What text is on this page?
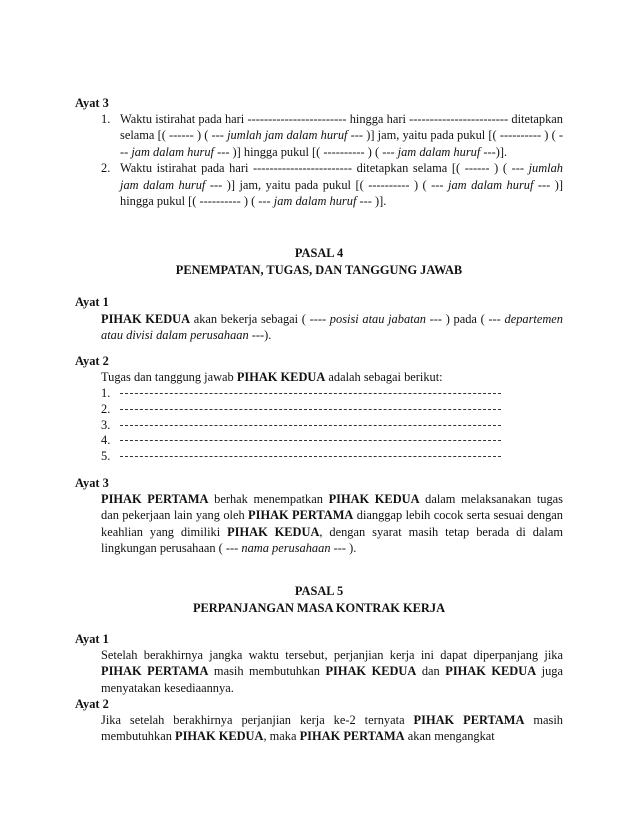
Ayat 3
1. Waktu istirahat pada hari ------------------------ hingga hari ------------------------ ditetapkan selama [( ------ ) ( --- jumlah jam dalam huruf --- )] jam, yaitu pada pukul [( ---------- ) ( --- jam dalam huruf --- )] hingga pukul [( ---------- ) ( --- jam dalam huruf ---)].
2. Waktu istirahat pada hari ------------------------ ditetapkan selama [( ------ ) ( --- jumlah jam dalam huruf --- )] jam, yaitu pada pukul [( ---------- ) ( --- jam dalam huruf --- )] hingga pukul [( ---------- ) ( --- jam dalam huruf --- )].
PASAL 4
PENEMPATAN, TUGAS, DAN TANGGUNG JAWAB
Ayat 1
PIHAK KEDUA akan bekerja sebagai ( ---- posisi atau jabatan --- ) pada ( --- departemen atau divisi dalam perusahaan ---).
Ayat 2
Tugas dan tanggung jawab PIHAK KEDUA adalah sebagai berikut:
1.
2.
3.
4.
5.
Ayat 3
PIHAK PERTAMA berhak menempatkan PIHAK KEDUA dalam melaksanakan tugas dan pekerjaan lain yang oleh PIHAK PERTAMA dianggap lebih cocok serta sesuai dengan keahlian yang dimiliki PIHAK KEDUA, dengan syarat masih tetap berada di dalam lingkungan perusahaan ( --- nama perusahaan --- ).
PASAL 5
PERPANJANGAN MASA KONTRAK KERJA
Ayat 1
Setelah berakhirnya jangka waktu tersebut, perjanjian kerja ini dapat diperpanjang jika PIHAK PERTAMA masih membutuhkan PIHAK KEDUA dan PIHAK KEDUA juga menyatakan kesediaannya.
Ayat 2
Jika setelah berakhirnya perjanjian kerja ke-2 ternyata PIHAK PERTAMA masih membutuhkan PIHAK KEDUA, maka PIHAK PERTAMA akan mengangkat
